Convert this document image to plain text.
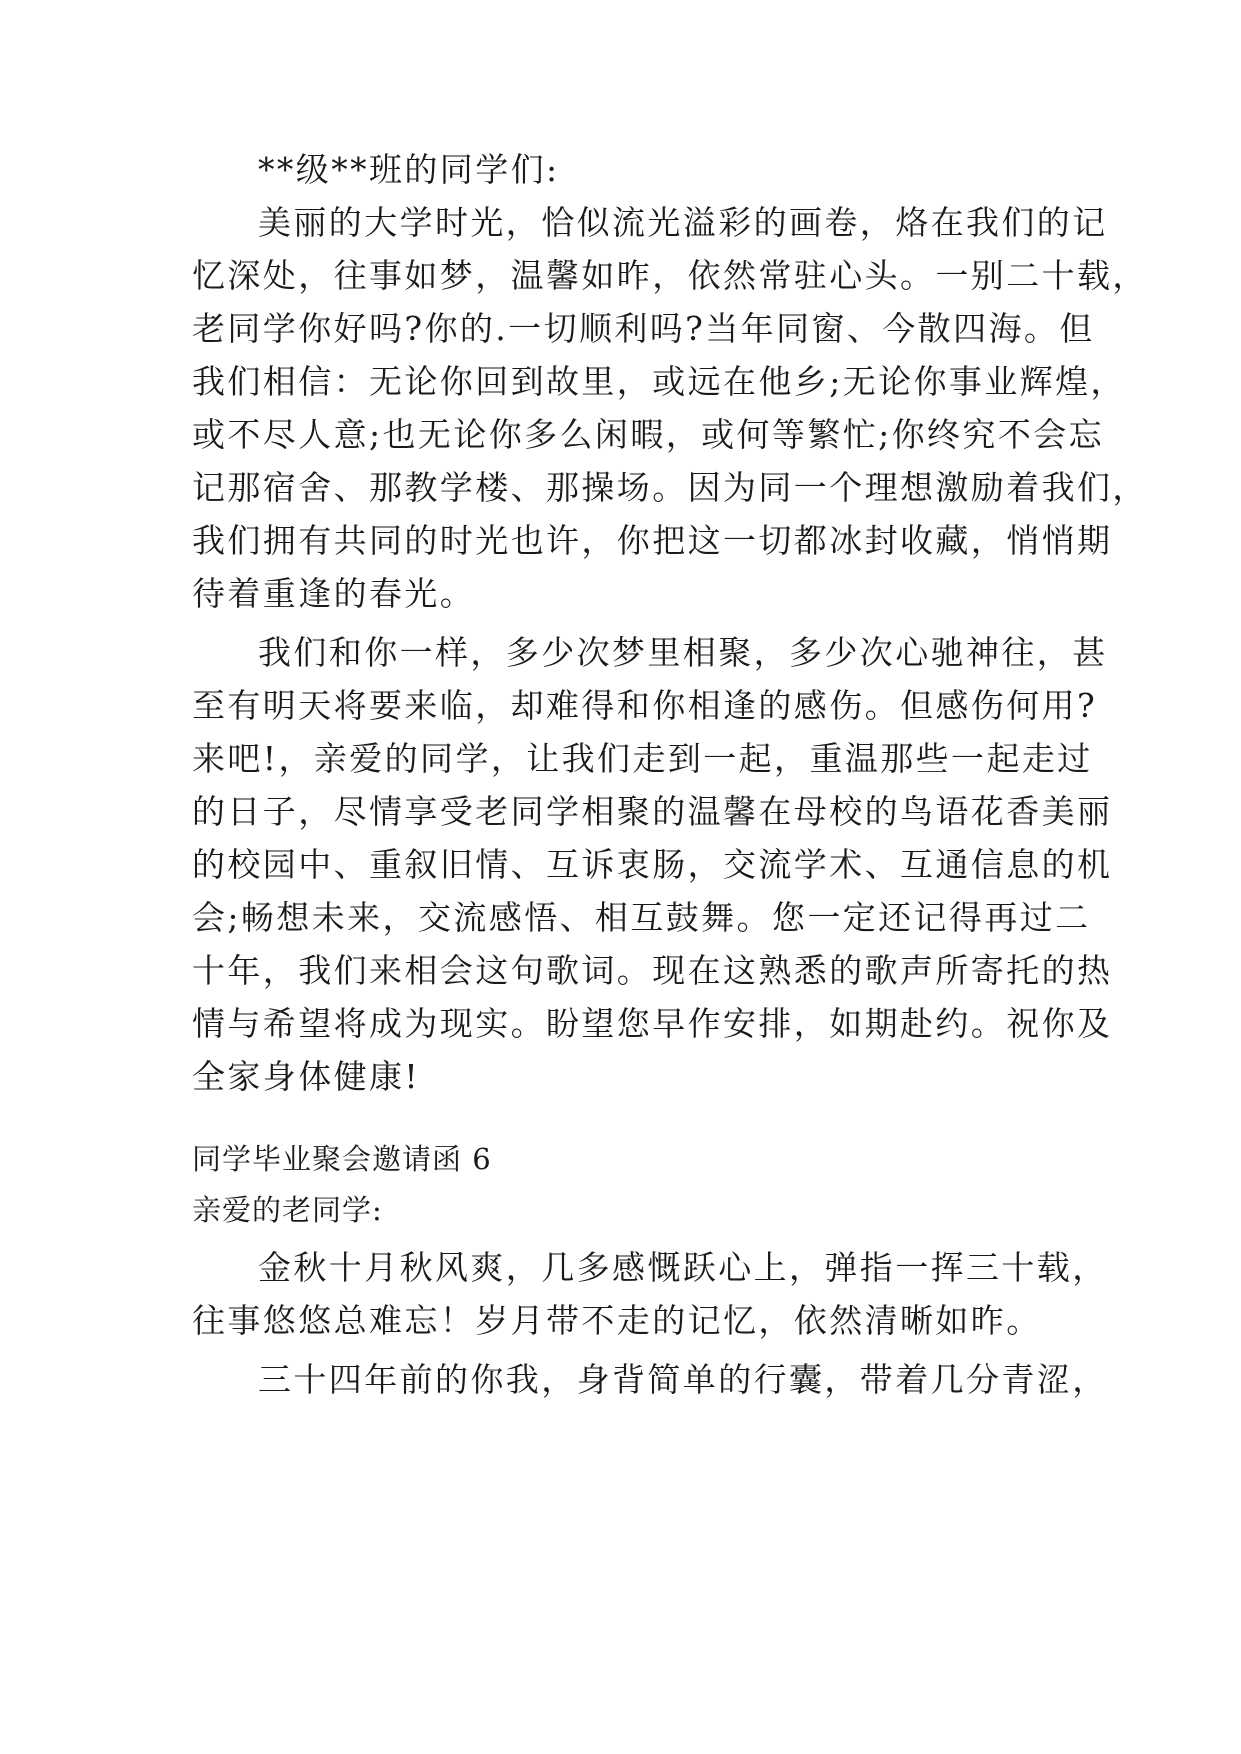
**级**班的同学们:
美丽的大学时光，恰似流光溢彩的画卷，烙在我们的记
忆深处，往事如梦，温馨如昨，依然常驻心头。一别二十载，
老同学你好吗?你的.一切顺利吗?当年同窗、今散四海。但
我们相信：无论你回到故里，或远在他乡;无论你事业辉煌，
或不尽人意;也无论你多么闲暇，或何等繁忙;你终究不会忘
记那宿舍、那教学楼、那操场。因为同一个理想激励着我们，
我们拥有共同的时光也许，你把这一切都冰封收藏，悄悄期
待着重逢的春光。
我们和你一样，多少次梦里相聚，多少次心驰神往，甚
至有明天将要来临，却难得和你相逢的感伤。但感伤何用?
来吧!，亲爱的同学，让我们走到一起，重温那些一起走过
的日子，尽情享受老同学相聚的温馨在母校的鸟语花香美丽
的校园中、重叙旧情、互诉衷肠，交流学术、互通信息的机
会;畅想未来，交流感悟、相互鼓舞。您一定还记得再过二
十年，我们来相会这句歌词。现在这熟悉的歌声所寄托的热
情与希望将成为现实。盼望您早作安排，如期赴约。祝你及
全家身体健康!
同学毕业聚会邀请函 6
亲爱的老同学:
金秋十月秋风爽，几多感慨跃心上，弹指一挥三十载，
往事悠悠总难忘！岁月带不走的记忆，依然清晰如昨。
三十四年前的你我，身背简单的行囊，带着几分青涩，
